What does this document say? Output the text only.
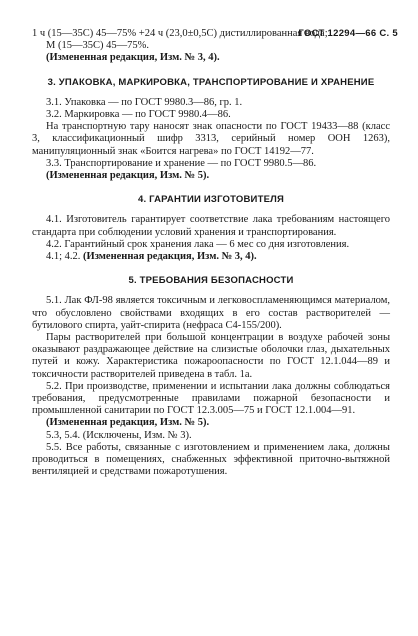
ГОСТ 12294—66 С. 5

1 ч (15—35С) 45—75% +24 ч (23,0±0,5С) дистиллированная вода;

М (15—35С) 45—75%.

(Измененная редакция, Изм. № 3, 4).

3. УПАКОВКА, МАРКИРОВКА, ТРАНСПОРТИРОВАНИЕ И ХРАНЕНИЕ

3.1. Упаковка — по ГОСТ 9980.3—86, гр. 1.

3.2. Маркировка — по ГОСТ 9980.4—86.

На транспортную тару наносят знак опасности по ГОСТ 19433—88 (класс 3, классификационный шифр 3313, серийный номер ООН 1263), манипуляционный знак «Боится нагрева» по ГОСТ 14192—77.

3.3. Транспортирование и хранение — по ГОСТ 9980.5—86.

(Измененная редакция, Изм. № 5).

4. ГАРАНТИИ ИЗГОТОВИТЕЛЯ

4.1. Изготовитель гарантирует соответствие лака требованиям настоящего стандарта при соблюдении условий хранения и транспортирования.

4.2. Гарантийный срок хранения лака — 6 мес со дня изготовления.

4.1; 4.2. (Измененная редакция, Изм. № 3, 4).

5. ТРЕБОВАНИЯ БЕЗОПАСНОСТИ

5.1. Лак ФЛ-98 является токсичным и легковоспламеняющимся материалом, что обусловлено свойствами входящих в его состав растворителей — бутилового спирта, уайт-спирита (нефраса С4-155/200).

Пары растворителей при большой концентрации в воздухе рабочей зоны оказывают раздражающее действие на слизистые оболочки глаз, дыхательных путей и кожу. Характеристика пожароопасности по ГОСТ 12.1.044—89 и токсичности растворителей приведена в табл. 1а.

5.2. При производстве, применении и испытании лака должны соблюдаться требования, предусмотренные правилами пожарной безопасности и промышленной санитарии по ГОСТ 12.3.005—75 и ГОСТ 12.1.004—91.

(Измененная редакция, Изм. № 5).

5.3, 5.4. (Исключены, Изм. № 3).

5.5. Все работы, связанные с изготовлением и применением лака, должны проводиться в помещениях, снабженных эффективной приточно-вытяжной вентиляцией и средствами пожаротушения.
